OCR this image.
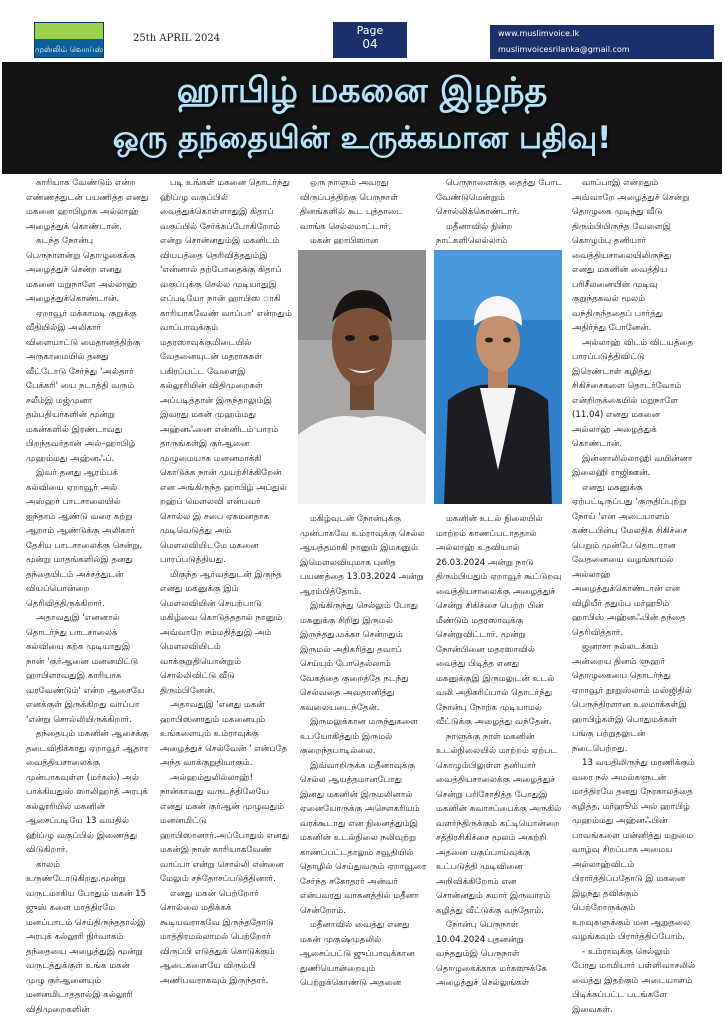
முஸ்லிம் வொய்ஸ்
25th APRIL 2024
Page
04
www.muslimvoice.lk
muslimvoicesrilanka@gmail.com
ஹாபிழ் மகனை இழந்த
ஒரு தந்தையின் உருக்கமான பதிவு!

காரியாக வேண்டும் என்ற எண்ணத்துடன் பயணித்த எனது மகனை ஹாபிழாக அல்லாஹ் அழைத்துக் கொண்டான்.

கடந்த நோன்பு பெருநாளன்று தொழுகைக்கு அழைத்துச் சென்ற எனது மகனை மறுநாளே அல்லாஹ் அழைத்துக்கொண்டான்.

ஏறாவூர் மக்காமடி குறுக்கு வீதியில்இ அலிகார் விளையாட்டு மைதானத்திற்கு அருகாமையில் தனது வீட்டோடு சேர்ந்து 'அல்தார் பேக்கரி' யை நடாத்தி வரும் சலீம்இ மஜ்முனா தம்பதியர்களின் மூன்று மகன்களில் இரண்டாவது பிறந்தவர்தான் அல்–ஹாபிழ் முஹம்மது அஹ்னஃப்.

இவர் தனது ஆரம்பக் கல்வியை ஏறாவூர் அல் அஸ்ஹர் பாடசாலையில் ஐந்தாம் ஆண்டு வரை கற்று ஆறாம் ஆண்டுக்கு அலிகார் தேசிய பாடசாலைக்கு சென்று, மூன்று மாதங்களில்இ தனது தந்தையிடம் அச்சத்துடன் வியப்பொன்றை தெரிவித்திருக்கிறார்.

அதாவதுஇ 'எனனால் தொடர்ந்து பாடசாலைக் கல்வியை கற்க முடியாதுஇ நான் 'குர்ஆனை மனனமிட்டு ஹாபிளாவதுஇ காரியாக வரவேண்டும்' என்ற ஆசையே எனக்குள் இருக்கிறது வாப்பா 'என்று சொல்லியிருக்கிறார்.

தந்தையும் மகனின் ஆசைக்கு தடைவிதிக்காது ஏறாவூர் ஆதார வைத்தியசாலைக்கு முன்பாகவுள்ள (மர்கஸ்) அல் பாக்கியதுஸ் ஸாலிஹாத் அரபுக் கல்லூரியில் மகனின் ஆசைப்படியே 13 வயதில் ஹிப்ழு வகுப்பில் இணைத்து விடுகிறார்.

காலம் உருண்டோடுகிறது.மூன்று வருடமாகிய போதும் மகன் 15 ஜுஸ் களை மாத்திரமே மனப்பாடம் செய்திருந்ததால்இ அரபுக் கல்லூரி நிர்வாகம் தந்தையை அழைத்துஇ மூன்று வருடத்துக்குள் உங்க மகன் முழு குர்ஆனையும் மனனமிடாததால்இ கல்லூரி விதிமுறைகளின்

படி உங்கள் மகனை தொடர்ந்து ஹிப்ழு வகுப்பில் வைத்துக்கொள்ளாதுஇ கிதாப் வகுப்பில் சேர்க்கப்போகிறோம் என்று சொன்னதும்இ மகனிடம் வியபத்தை தெரிவித்ததும்இ 'என்னால் தற்போதைக்கு கிதாப் வகுப்புக்கு செல்ல முடியாதுஇ எப்படியோ நான் ஹாபிஸ ாகி காரியாகவேண் வாப்பா' என்றதும் வாப்பாவுக்கும் மதரஸாவுக்குமிடையில் வேதனையுடன் மதராசுகள் பகிரப்பட்ட வேளைஇ கல்லூரியின் விதிமுறைகள் அப்படித்தான் இருந்தாலும்இ இவரது மகன் முஹம்மது அஹ்னஃனை என்னிடம் பாரம் தாருங்கள்இ குர்ஆனை முழுமையாக மனனமாக்கி கொடுக்க நான் முயற்சிக்கிறேன் என அங்கிருந்த ஹாபிழ் அப்துல் றஹ்ப் மௌலவி என்பவர் சொல்ல இ சபை ஏகமனதாக முடிவெடுத்து அம் மௌலவியிடமே மகனை பாரப்படுத்தியது.

மிகுந்த ஆர்வத்துடன் இருந்த எனது மகனுக்கு இம் மௌலவியின் செயற்பாடு மகிழ்வை கொடுத்ததால் நானும் அவ்வாறே சம்மதித்துஇ அம் மௌலவியிடம் வாக்குறுதியொன்றும் சொல்லிவிட்டு வீடு திரும்பினேன்.

அதாவதுஇ 'எனது மகன் ஹாபிஸனாதும் மகனையும் உங்களையும் உம்ராவுக்கு அழைத்துச் செல்வேன் ' என்பதே அந்த வாக்குறுதியாகும்.

அல்ஹம்துலில்லாஹ்! நான்காவது வருடத்திலேயே எனது மகன் குர்ஆன் முழுவதும் மனனமிட்டு ஹாபிஸானார்.அப்போதும் எனது மகன்இ நான் காரியாகவேண் வாப்பா என்று சொல்லி என்னை மேலும் சந்தோசப்படுத்தினார்.

எனது மகன் பெற்றோர் சொல்லை மதிக்கக் கூடியவராகவே இருந்ததோடு மாத்திரமல்லாமல் பெற்றோர் விருப்பி எடுத்துக் கொடுக்கும் ஆடைகளையே விரும்பி அணிபவராகவும் இருந்தார்.

ஒரு நாளும் அவரது விருப்பத்திற்கு பெருநாள் தினங்களில் கூட புத்தாடை வாங்க செல்லமாட்டார்.

மகன் ஹாபிஸான

பெருநாளைக்கு தைத்து போட வேண்டுமென்றும் சொல்லிக்கொண்டார்.

மதீனாவில் நின்ற நாட்களிலெல்லாம்

மகிழ்வுடன் நோன்புக்கு முன்பாகவே உம்ராவுக்கு செல்ல ஆயத்தமாகி நானும் இமகனும் இமௌலவியுமாக புனித பயணத்தை 13.03.2024 அன்று ஆரம்பித்தோம்.

இங்கிருந்து செல்லும் போது மகனுக்கு சிறிது இருமல் இருந்தது.மக்கா சென்றதும் இருமல் அதிகரித்து தவாப் செய்யும் போதெல்லாம் வேகத்தை குறைத்தே நடந்து செல்வதை அவதானித்து கவலையடைந்தேன்.

இருமலுக்கான மருந்துகளை உபயோகித்தும் இருமல் குறைந்தபாடில்லை.

இவ்வாறிருக்க மதீனாவுக்கு செல்ல ஆயத்தமானபோது இனது மகனின் இருமலினால் ஏனையோருக்கு அசௌகரியம் வரக்கூடாது என நினைத்தும்இ மகனின் உடல்நிலை நலிவுற்று காணப்பட்டதாலும் சவூதியில் தொழில் செய்துவரும் ஏறாவூரை சேர்ந்த சகோதரர் அன்வர் என்பவரது வாகனத்தில் மதீனா சென்றோம்.

மதீனாவில் வைத்து எனது மகன் முகுஷ்முதலில் ஆசைப்பட்டு ஜுப்பாவுக்கான துணியொன்றையும் பெற்றுக்கொண்டு அதனை

மகனின் உடல் நிலையில் மாற்றம் காணப்படாததால் அல்லாஹ் உதவியால் 26.03.2024 அன்று நாடு திரும்பியதும் ஏறாவூர் கூட்டுறவு வைத்தியசாலைக்கு அழைத்துச் சென்று சிகிச்சை பெற்ற பின் மீண்டும் மதரஸாவுக்கு சென்றுவிட்டார். மூன்று நோன்பினை மதரஸாவில் வைத்து பிடித்த எனது மகனுக்குஇ இருமலுடன் உடல் வலி அதிகரிப்பால் தொடர்ந்து நோன்பு நோற்க முடியாமல் வீட்டுக்கு அழைத்து வந்தேன்.

நாளுக்கு நாள் மகனின் உடல்நிலையில் மாற்றம் ஏற்பட கொழும்பிலுள்ள தனியார் வைத்தியசாலைக்கு அழைத்துச் சென்று பரிசோதித்த போதுஇ மகனின் சுவாசப்பைக்கு அருகில் வளர்ந்திருக்கும் கட்டியொன்றை சத்திரசிகிச்சை மூலம் அகற்றி அதனை பகுப்பாய்வுக்கு உட்படுத்தி முடிவினை அறிவிக்கிறோம் என சொன்னதும் சுமார் இருவாரம் கழித்து வீட்டுக்கு வந்தோம்.

நோன்பு பெருநாள் 10.04.2024 புதனன்று வந்ததும்இ பெருநாள் தொழுகைக்காக மர்கஸுக்கே அழைத்துச் செல்லுங்கள்

வாப்பாஇ என்றதும் அவ்வாறே அழைத்துச் சென்று தொழுகை முடிந்து வீடு திரும்பியிருந்த வேளைஇ கொழும்பு தனியார் வைத்தியசாலையிலிருந்து எனது மகனின் வைத்திய பரிசீலனையின் முடிவு குறுந்தகவல் மூலம் வந்திருந்ததைப் பார்த்து அதிர்ந்து போனேன்.

அல்லாஹ் விடம் விடயத்தை பாரப்படுத்திவிட்டு இரெண்டாள் கழித்து சிகிச்சைகளை தொடர்வோம் என்றிருக்கையில் மறுநாளே (11.04) எனது மகனை அல்லாஹ் அழைத்துக் கொண்டான்.

இன்னாலில்லாஹி வயின்னா இலைஹி ராஜிஊன்.

எனது மகனுக்கு ஏற்பட்டிருப்பது 'குருதிப்புற்று நோய் 'என அடையாளம் கண்டபின்பு மேலதிக சிகிச்சை பெறும் முன்பே தொடரான வேதனையை வழங்காமல் அல்லாஹ் அழைத்துக்கொண்டான் என விழியீர் ததும்ப மர்ஹூம் ஹாபிஸ் அஹ்னஃபின் தந்தை தெரிவித்தார்.

ஜனாசா நல்லடக்கம் அன்றைய தினம் ளுஹர் தொழுகையை தொடர்ந்து ஏறாவூர் நூறுஸ்லாம் மஸ்ஜிதில் பெருந்திரளான உலமாக்கள்இ ஹாபிழ்கள்இ பொதுமக்கள் பங்கு பற்றுதலுடன் நடைபெற்றது.

13 வயதிலிருந்து மரணிக்கும் வரை நல் அமல்களுடன் மாத்திரமே தனது நேரகாலத்தை கழித்த, மர்ஹூம் அல் ஹாபிழ் முஹம்மது அஹ்னஃபின் பாவங்களை மன்னித்து மறுமை வாழ்வு சிறப்பாக அமைய அல்லாஹ்விடம் பிரார்த்திப்பதோடு இ மகனை இழந்து தவிக்கும் பெற்றோருக்கும் உறவுகளுக்கும் மன ஆறுதலை வழங்கவும் பிரார்த்திப்போம்.

- உம்ராவுக்கு செல்லும் போது மாமியார் பள்ளிவாசலில் வைத்து இதற்கும் அடையாளம் பிடிக்கப்பட்ட படங்களே இவைகள்.
